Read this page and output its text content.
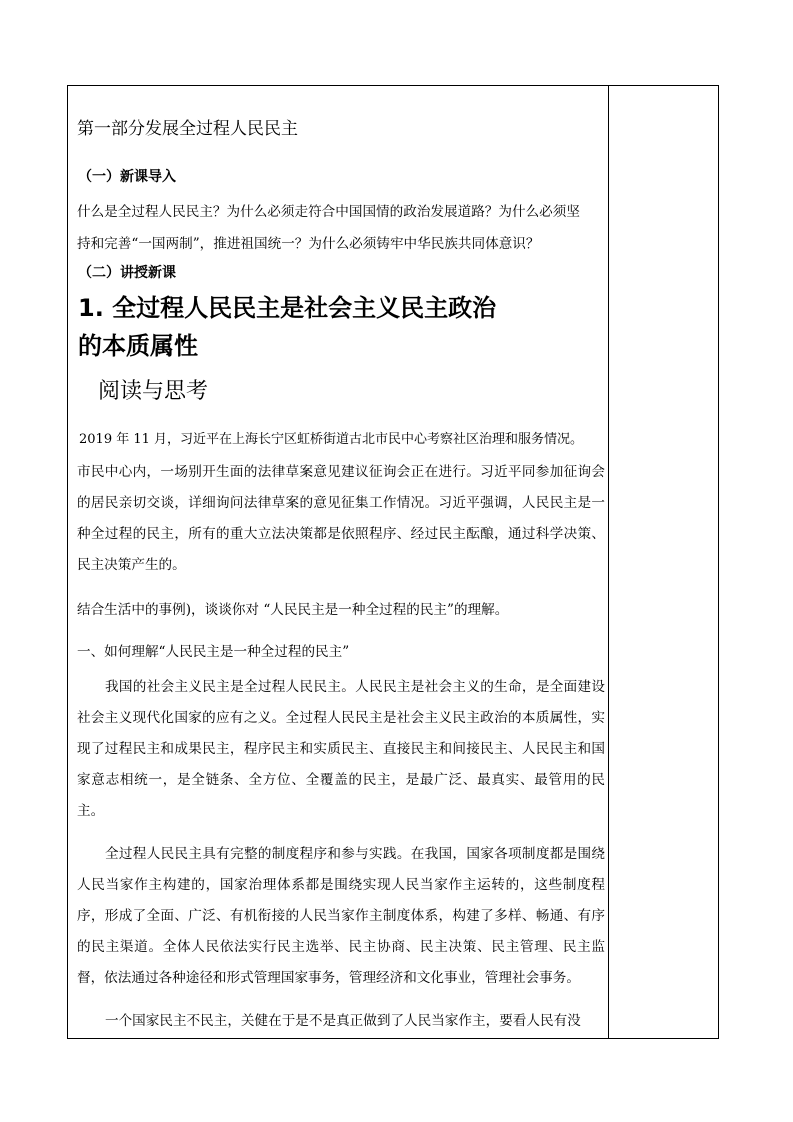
第一部分发展全过程人民民主
（一）新课导入
什么是全过程人民民主？为什么必须走符合中国国情的政治发展道路？为什么必须坚
持和完善“一国两制”，推进祖国统一？为什么必须铸牢中华民族共同体意识？
（二）讲授新课
1. 全过程人民民主是社会主义民主政治
的本质属性
阅读与思考
2019 年 11 月，习近平在上海长宁区虹桥街道古北市民中心考察社区治理和服务情况。
市民中心内，一场别开生面的法律草案意见建议征询会正在进行。习近平同参加征询会的居民亲切交谈，详细询问法律草案的意见征集工作情况。习近平强调，人民民主是一种全过程的民主，所有的重大立法决策都是依照程序、经过民主酝酿，通过科学决策、民主决策产生的。
结合生活中的事例)，谈谈你对 “人民民主是一种全过程的民主”的理解。
一、如何理解“人民民主是一种全过程的民主”
我国的社会主义民主是全过程人民民主。人民民主是社会主义的生命，是全面建设社会主义现代化国家的应有之义。全过程人民民主是社会主义民主政治的本质属性，实现了过程民主和成果民主，程序民主和实质民主、直接民主和间接民主、人民民主和国家意志相统一，是全链条、全方位、全覆盖的民主，是最广泛、最真实、最管用的民主。
全过程人民民主具有完整的制度程序和参与实践。在我国，国家各项制度都是围绕人民当家作主构建的，国家治理体系都是围绕实现人民当家作主运转的，这些制度程序，形成了全面、广泛、有机衔接的人民当家作主制度体系，构建了多样、畅通、有序的民主渠道。全体人民依法实行民主选举、民主协商、民主决策、民主管理、民主监督，依法通过各种途径和形式管理国家事务，管理经济和文化事业，管理社会事务。
一个国家民主不民主，关健在于是不是真正做到了人民当家作主，要看人民有没
